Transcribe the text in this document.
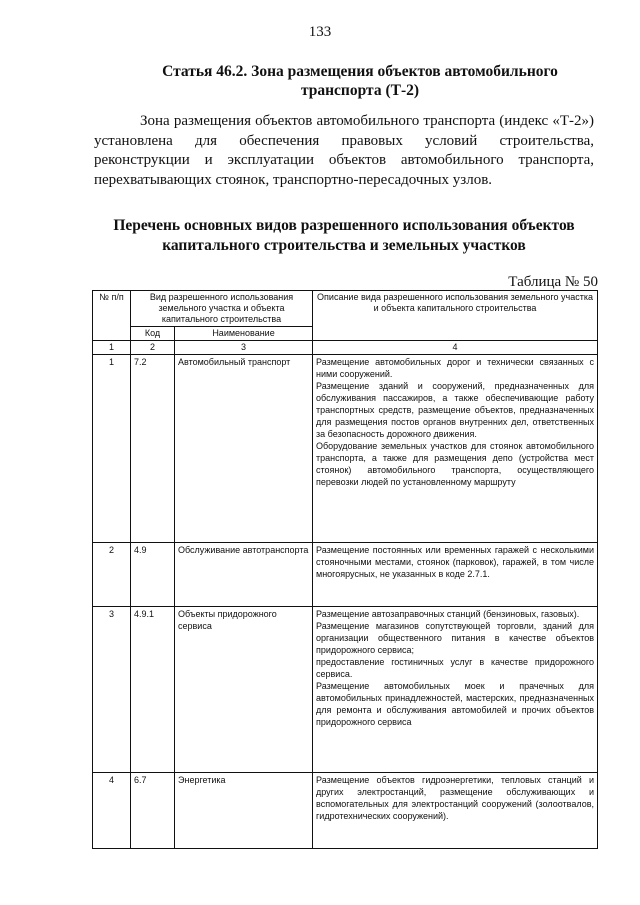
133
Статья 46.2. Зона размещения объектов автомобильного
транспорта (Т-2)
Зона размещения объектов автомобильного транспорта (индекс «Т-2») установлена для обеспечения правовых условий строительства, реконструкции и эксплуатации объектов автомобильного транспорта, перехватывающих стоянок, транспортно-пересадочных узлов.
Перечень основных видов разрешенного использования объектов
капитального строительства и земельных участков
Таблица № 50
№ п/п	Вид разрешенного использования земельного участка и объекта капитального строительства		Описание вида разрешенного использования земельного участка и объекта капитального строительства
	Код	Наименование	
1	2	3	4
1	7.2	Автомобильный транспорт	Размещение автомобильных дорог и технически связанных с ними сооружений.
Размещение зданий и сооружений, предназначенных для обслуживания пассажиров, а также обеспечивающие работу транспортных средств, размещение объектов, предназначенных для размещения постов органов внутренних дел, ответственных за безопасность дорожного движения.
Оборудование земельных участков для стоянок автомобильного транспорта, а также для размещения депо (устройства мест стоянок) автомобильного транспорта, осуществляющего перевозки людей по установленному маршруту

2	4.9	Обслуживание автотранспорта	Размещение постоянных или временных гаражей с несколькими стояночными местами, стоянок (парковок), гаражей, в том числе многоярусных, не указанных в коде 2.7.1.

3	4.9.1	Объекты придорожного сервиса	Размещение автозаправочных станций (бензиновых, газовых).
Размещение магазинов сопутствующей торговли, зданий для организации общественного питания в качестве объектов придорожного сервиса;
предоставление гостиничных услуг в качестве придорожного сервиса.
Размещение автомобильных моек и прачечных для автомобильных принадлежностей, мастерских, предназначенных для ремонта и обслуживания автомобилей и прочих объектов придорожного сервиса

4	6.7	Энергетика	Размещение объектов гидроэнергетики, тепловых станций и других электростанций, размещение обслуживающих и вспомогательных для электростанций сооружений (золоотвалов, гидротехнических сооружений).
